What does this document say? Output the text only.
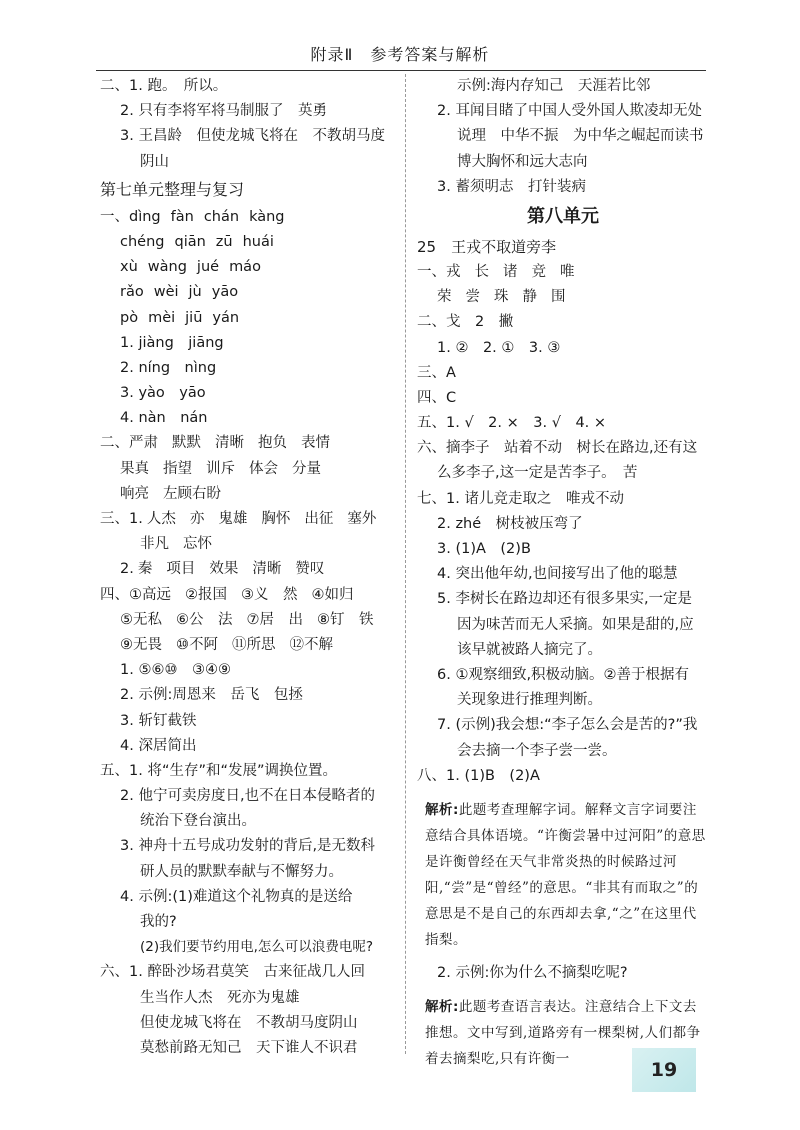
附录Ⅱ　参考答案与解析
二、1. 跑。　所以。
2. 只有李将军将马制服了　英勇
3. 王昌龄　但使龙城飞将在　不教胡马度
阴山
第七单元整理与复习
一、dìng fàn chán kàng
chéng qiān zū huái
xù wàng jué máo
rǎo wèi jù yāo
pò mèi jiū yán
1. jiàng　jiāng
2. níng　nìng
3. yào　yāo
4. nàn　nán
二、严肃 默默 清晰 抱负 表情
果真 指望 训斥 体会 分量
响亮 左顾右盼
三、1. 人杰 亦 鬼雄 胸怀 出征 塞外
非凡 忘怀
2. 秦 项目 效果 清晰 赞叹
四、①高远 ②报国 ③义　然 ④如归
⑤无私 ⑥公　法 ⑦居　出 ⑧钉　铁
⑨无畏 ⑩不阿 ⑪所思 ⑫不解
1. ⑤⑥⑩　③④⑨
2. 示例:周恩来　岳飞　包拯
3. 斩钉截铁
4. 深居简出
五、1. 将“生存”和“发展”调换位置。
2. 他宁可卖房度日,也不在日本侵略者的
统治下登台演出。
3. 神舟十五号成功发射的背后,是无数科
研人员的默默奉献与不懈努力。
4. 示例:(1)难道这个礼物真的是送给
我的?
(2)我们要节约用电,怎么可以浪费电呢?
六、1. 醉卧沙场君莫笑　古来征战几人回
生当作人杰　死亦为鬼雄
但使龙城飞将在　不教胡马度阴山
莫愁前路无知己　天下谁人不识君
示例:海内存知己　天涯若比邻
2. 耳闻目睹了中国人受外国人欺凌却无处
说理　中华不振　为中华之崛起而读书
博大胸怀和远大志向
3. 蓄须明志　打针装病
第八单元
25　王戎不取道旁李
一、戎 长 诸 竞 唯
荣 尝 珠 静 围
二、戈　2　撇
1. ②　2. ①　3. ③
三、A
四、C
五、1. √　2. ×　3. √　4. ×
六、摘李子　站着不动　树长在路边,还有这
么多李子,这一定是苦李子。　苦
七、1. 诸儿竞走取之　唯戎不动
2. zhé　树枝被压弯了
3. (1)A　(2)B
4. 突出他年幼,也间接写出了他的聪慧
5. 李树长在路边却还有很多果实,一定是
因为味苦而无人采摘。如果是甜的,应
该早就被路人摘完了。
6. ①观察细致,积极动脑。②善于根据有
关现象进行推理判断。
7. (示例)我会想:“李子怎么会是苦的?”我
会去摘一个李子尝一尝。
八、1. (1)B　(2)A
解析:此题考查理解字词。解释文言字词要注意结合具体语境。“许衡尝暑中过河阳”的意思是许衡曾经在天气非常炎热的时候路过河阳,“尝”是“曾经”的意思。“非其有而取之”的意思是不是自己的东西却去拿,“之”在这里代指梨。
2. 示例:你为什么不摘梨吃呢?
解析:此题考查语言表达。注意结合上下文去推想。文中写到,道路旁有一棵梨树,人们都争着去摘梨吃,只有许衡一	19
